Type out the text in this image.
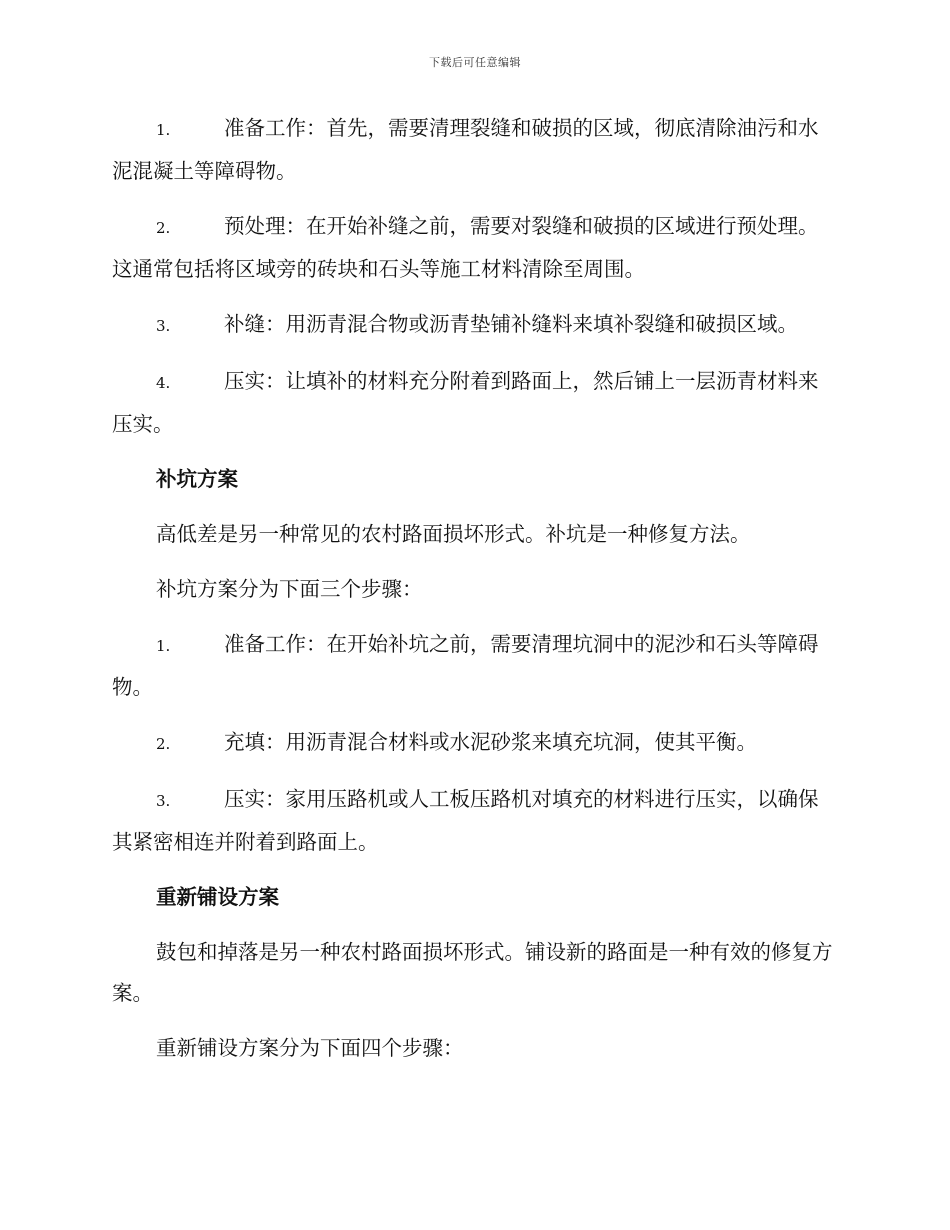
下载后可任意编辑

1.	准备工作：首先，需要清理裂缝和破损的区域，彻底清除油污和水泥混凝土等障碍物。

2.	预处理：在开始补缝之前，需要对裂缝和破损的区域进行预处理。这通常包括将区域旁的砖块和石头等施工材料清除至周围。

3.	补缝：用沥青混合物或沥青垫铺补缝料来填补裂缝和破损区域。

4.	压实：让填补的材料充分附着到路面上，然后铺上一层沥青材料来压实。

补坑方案

高低差是另一种常见的农村路面损坏形式。补坑是一种修复方法。

补坑方案分为下面三个步骤：

1.	准备工作：在开始补坑之前，需要清理坑洞中的泥沙和石头等障碍物。

2.	充填：用沥青混合材料或水泥砂浆来填充坑洞，使其平衡。

3.	压实：家用压路机或人工板压路机对填充的材料进行压实，以确保其紧密相连并附着到路面上。

重新铺设方案

鼓包和掉落是另一种农村路面损坏形式。铺设新的路面是一种有效的修复方案。

重新铺设方案分为下面四个步骤：
